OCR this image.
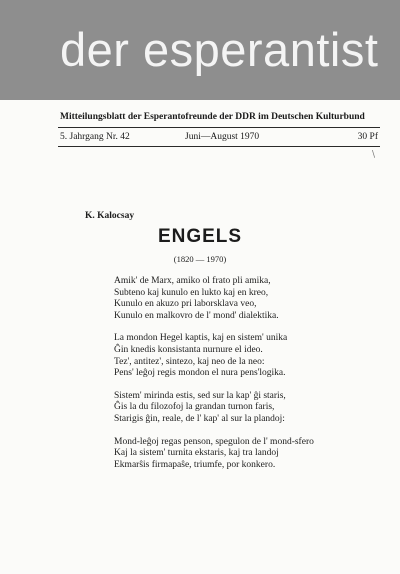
der esperantist
Mitteilungsblatt der Esperantofreunde der DDR im Deutschen Kulturbund
5. Jahrgang Nr. 42	Juni—August 1970	30 Pf
\
K. Kalocsay
ENGELS
(1820 — 1970)
Amik' de Marx, amiko ol frato pli amika,
Subteno kaj kunulo en lukto kaj en kreo,
Kunulo en akuzo pri laborsklava veo,
Kunulo en malkovro de l' mond' dialektika.
La mondon Hegel kaptis, kaj en sistem' unika
Ĝin knedis konsistanta nurnure el ideo.
Tez', antitez', sintezo, kaj neo de la neo:
Pens' leĝoj regis mondon el nura pens'logika.
Sistem' mirinda estis, sed sur la kap' ĝi staris,
Ĝis la du filozofoj la grandan turnon faris,
Starigis ĝin, reale, de l' kap' al sur la plandoj:
Mond-leĝoj regas penson, spegulon de l' mond-sfero
Kaj la sistem' turnita ekstaris, kaj tra landoj
Ekmarŝis firmapaŝe, triumfe, por konkero.
